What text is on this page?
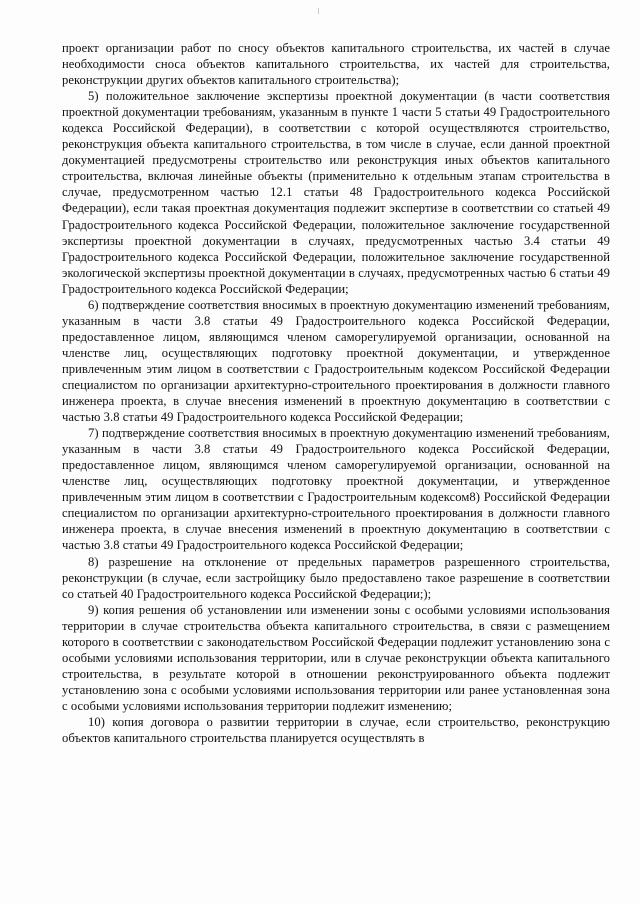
проект организации работ по сносу объектов капитального строительства, их частей в случае необходимости сноса объектов капитального строительства, их частей для строительства, реконструкции других объектов капитального строительства);

5) положительное заключение экспертизы проектной документации (в части соответствия проектной документации требованиям, указанным в пункте 1 части 5 статьи 49 Градостроительного кодекса Российской Федерации), в соответствии с которой осуществляются строительство, реконструкция объекта капитального строительства, в том числе в случае, если данной проектной документацией предусмотрены строительство или реконструкция иных объектов капитального строительства, включая линейные объекты (применительно к отдельным этапам строительства в случае, предусмотренном частью 12.1 статьи 48 Градостроительного кодекса Российской Федерации), если такая проектная документация подлежит экспертизе в соответствии со статьей 49 Градостроительного кодекса Российской Федерации, положительное заключение государственной экспертизы проектной документации в случаях, предусмотренных частью 3.4 статьи 49 Градостроительного кодекса Российской Федерации, положительное заключение государственной экологической экспертизы проектной документации в случаях, предусмотренных частью 6 статьи 49 Градостроительного кодекса Российской Федерации;

6) подтверждение соответствия вносимых в проектную документацию изменений требованиям, указанным в части 3.8 статьи 49 Градостроительного кодекса Российской Федерации, предоставленное лицом, являющимся членом саморегулируемой организации, основанной на членстве лиц, осуществляющих подготовку проектной документации, и утвержденное привлеченным этим лицом в соответствии с Градостроительным кодексом Российской Федерации специалистом по организации архитектурно-строительного проектирования в должности главного инженера проекта, в случае внесения изменений в проектную документацию в соответствии с частью 3.8 статьи 49 Градостроительного кодекса Российской Федерации;

7) подтверждение соответствия вносимых в проектную документацию изменений требованиям, указанным в части 3.8 статьи 49 Градостроительного кодекса Российской Федерации, предоставленное лицом, являющимся членом саморегулируемой организации, основанной на членстве лиц, осуществляющих подготовку проектной документации, и утвержденное привлеченным этим лицом в соответствии с Градостроительным кодексом8) Российской Федерации специалистом по организации архитектурно-строительного проектирования в должности главного инженера проекта, в случае внесения изменений в проектную документацию в соответствии с частью 3.8 статьи 49 Градостроительного кодекса Российской Федерации;

8) разрешение на отклонение от предельных параметров разрешенного строительства, реконструкции (в случае, если застройщику было предоставлено такое разрешение в соответствии со статьей 40 Градостроительного кодекса Российской Федерации;);

9) копия решения об установлении или изменении зоны с особыми условиями использования территории в случае строительства объекта капитального строительства, в связи с размещением которого в соответствии с законодательством Российской Федерации подлежит установлению зона с особыми условиями использования территории, или в случае реконструкции объекта капитального строительства, в результате которой в отношении реконструированного объекта подлежит установлению зона с особыми условиями использования территории или ранее установленная зона с особыми условиями использования территории подлежит изменению;

10) копия договора о развитии территории в случае, если строительство, реконструкцию объектов капитального строительства планируется осуществлять в
